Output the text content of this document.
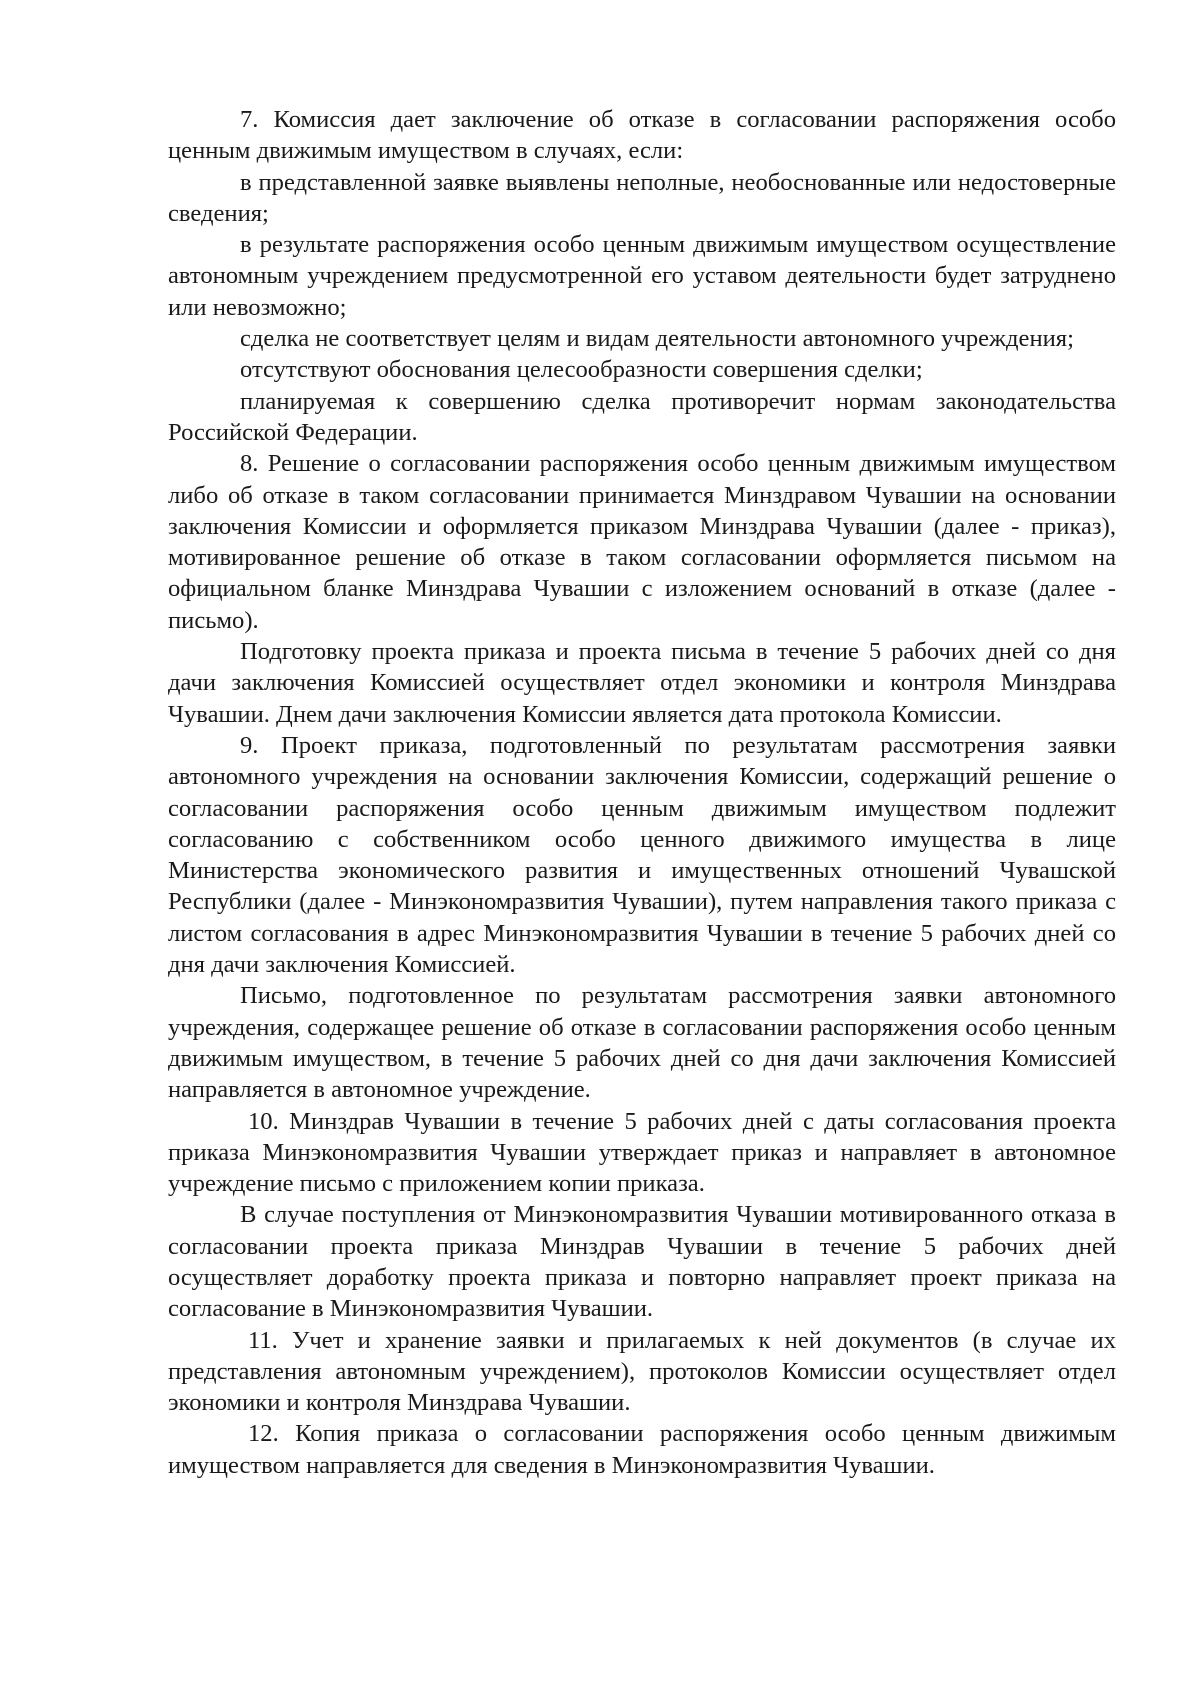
7. Комиссия дает заключение об отказе в согласовании распоряжения особо ценным движимым имуществом в случаях, если:

в представленной заявке выявлены неполные, необоснованные или недостоверные сведения;

в результате распоряжения особо ценным движимым имуществом осуществление автономным учреждением предусмотренной его уставом деятельности будет затруднено или невозможно;

сделка не соответствует целям и видам деятельности автономного учреждения;

отсутствуют обоснования целесообразности совершения сделки;

планируемая к совершению сделка противоречит нормам законодательства Российской Федерации.

8. Решение о согласовании распоряжения особо ценным движимым имуществом либо об отказе в таком согласовании принимается Минздравом Чувашии на основании заключения Комиссии и оформляется приказом Минздрава Чувашии (далее - приказ), мотивированное решение об отказе в таком согласовании оформляется письмом на официальном бланке Минздрава Чувашии с изложением оснований в отказе (далее - письмо).

Подготовку проекта приказа и проекта письма в течение 5 рабочих дней со дня дачи заключения Комиссией осуществляет отдел экономики и контроля Минздрава Чувашии. Днем дачи заключения Комиссии является дата протокола Комиссии.

9. Проект приказа, подготовленный по результатам рассмотрения заявки автономного учреждения на основании заключения Комиссии, содержащий решение о согласовании распоряжения особо ценным движимым имуществом подлежит согласованию с собственником особо ценного движимого имущества в лице Министерства экономического развития и имущественных отношений Чувашской Республики (далее - Минэкономразвития Чувашии), путем направления такого приказа с листом согласования в адрес Минэкономразвития Чувашии в течение 5 рабочих дней со дня дачи заключения Комиссией.

Письмо, подготовленное по результатам рассмотрения заявки автономного учреждения, содержащее решение об отказе в согласовании распоряжения особо ценным движимым имуществом, в течение 5 рабочих дней со дня дачи заключения Комиссией направляется в автономное учреждение.

10. Минздрав Чувашии в течение 5 рабочих дней с даты согласования проекта приказа Минэкономразвития Чувашии утверждает приказ и направляет в автономное учреждение письмо с приложением копии приказа.

В случае поступления от Минэкономразвития Чувашии мотивированного отказа в согласовании проекта приказа Минздрав Чувашии в течение 5 рабочих дней осуществляет доработку проекта приказа и повторно направляет проект приказа на согласование в Минэкономразвития Чувашии.

11. Учет и хранение заявки и прилагаемых к ней документов (в случае их представления автономным учреждением), протоколов Комиссии осуществляет отдел экономики и контроля Минздрава Чувашии.

12. Копия приказа о согласовании распоряжения особо ценным движимым имуществом направляется для сведения в Минэкономразвития Чувашии.
